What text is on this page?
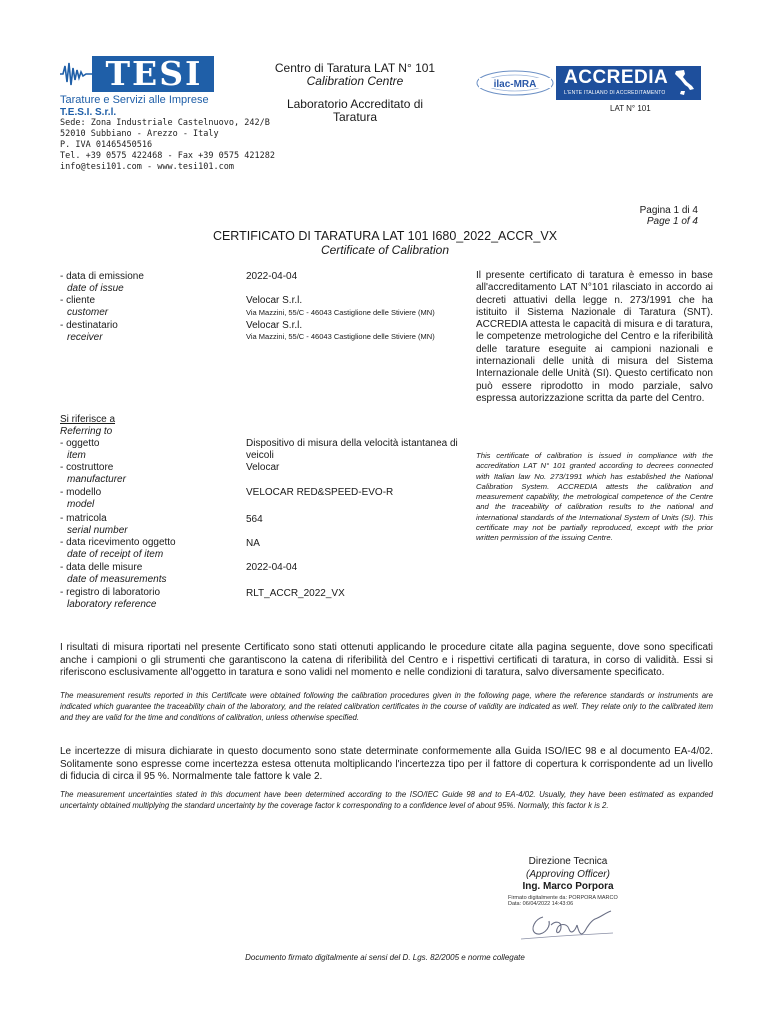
TESI
Tarature e Servizi alle Imprese
T.E.S.I. S.r.l.
Sede: Zona Industriale Castelnuovo, 242/B
52010 Subbiano - Arezzo - Italy
P. IVA 01465450516
Tel. +39 0575 422468 - Fax +39 0575 421282
info@tesi101.com - www.tesi101.com
Centro di Taratura LAT N° 101
Calibration Centre
Laboratorio Accreditato di
Taratura
ilac-MRA ACCREDIA
L'ENTE ITALIANO DI ACCREDITAMENTO
LAT N° 101
Pagina 1 di 4
Page 1 of 4
CERTIFICATO DI TARATURA LAT 101 I680_2022_ACCR_VX
Certificate of Calibration
- data di emissione
date of issue
2022-04-04
- cliente
customer
Velocar S.r.l.
Via Mazzini, 55/C - 46043 Castiglione delle Stiviere (MN)
- destinatario
receiver
Velocar S.r.l.
Via Mazzini, 55/C - 46043 Castiglione delle Stiviere (MN)
Si riferisce a
Referring to
- oggetto
item
Dispositivo di misura della velocità istantanea di veicoli
- costruttore
manufacturer
Velocar
- modello
model
VELOCAR RED&SPEED-EVO-R
- matricola
serial number
564
- data ricevimento oggetto
date of receipt of item
NA
- data delle misure
date of measurements
2022-04-04
- registro di laboratorio
laboratory reference
RLT_ACCR_2022_VX
Il presente certificato di taratura è emesso in base all'accreditamento LAT N°101 rilasciato in accordo ai decreti attuativi della legge n. 273/1991 che ha istituito il Sistema Nazionale di Taratura (SNT). ACCREDIA attesta le capacità di misura e di taratura, le competenze metrologiche del Centro e la riferibilità delle tarature eseguite ai campioni nazionali e internazionali delle unità di misura del Sistema Internazionale delle Unità (SI). Questo certificato non può essere riprodotto in modo parziale, salvo espressa autorizzazione scritta da parte del Centro.
This certificate of calibration is issued in compliance with the accreditation LAT N° 101 granted according to decrees connected with Italian law No. 273/1991 which has established the National Calibration System. ACCREDIA attests the calibration and measurement capability, the metrological competence of the Centre and the traceability of calibration results to the national and international standards of the International System of Units (SI). This certificate may not be partially reproduced, except with the prior written permission of the issuing Centre.
I risultati di misura riportati nel presente Certificato sono stati ottenuti applicando le procedure citate alla pagina seguente, dove sono specificati anche i campioni o gli strumenti che garantiscono la catena di riferibilità del Centro e i rispettivi certificati di taratura, in corso di validità. Essi si riferiscono esclusivamente all'oggetto in taratura e sono validi nel momento e nelle condizioni di taratura, salvo diversamente specificato.
The measurement results reported in this Certificate were obtained following the calibration procedures given in the following page, where the reference standards or instruments are indicated which guarantee the traceability chain of the laboratory, and the related calibration certificates in the course of validity are indicated as well. They relate only to the calibrated item and they are valid for the time and conditions of calibration, unless otherwise specified.
Le incertezze di misura dichiarate in questo documento sono state determinate conformemente alla Guida ISO/IEC 98 e al documento EA-4/02. Solitamente sono espresse come incertezza estesa ottenuta moltiplicando l'incertezza tipo per il fattore di copertura k corrispondente ad un livello di fiducia di circa il 95 %. Normalmente tale fattore k vale 2.
The measurement uncertainties stated in this document have been determined according to the ISO/IEC Guide 98 and to EA-4/02. Usually, they have been estimated as expanded uncertainty obtained multiplying the standard uncertainty by the coverage factor k corresponding to a confidence level of about 95%. Normally, this factor k is 2.
Direzione Tecnica
(Approving Officer)
Ing. Marco Porpora
Firmato digitalmente da: PORPORA MARCO
Data: 06/04/2022 14:43:06
Documento firmato digitalmente ai sensi del D. Lgs. 82/2005 e norme collegate
